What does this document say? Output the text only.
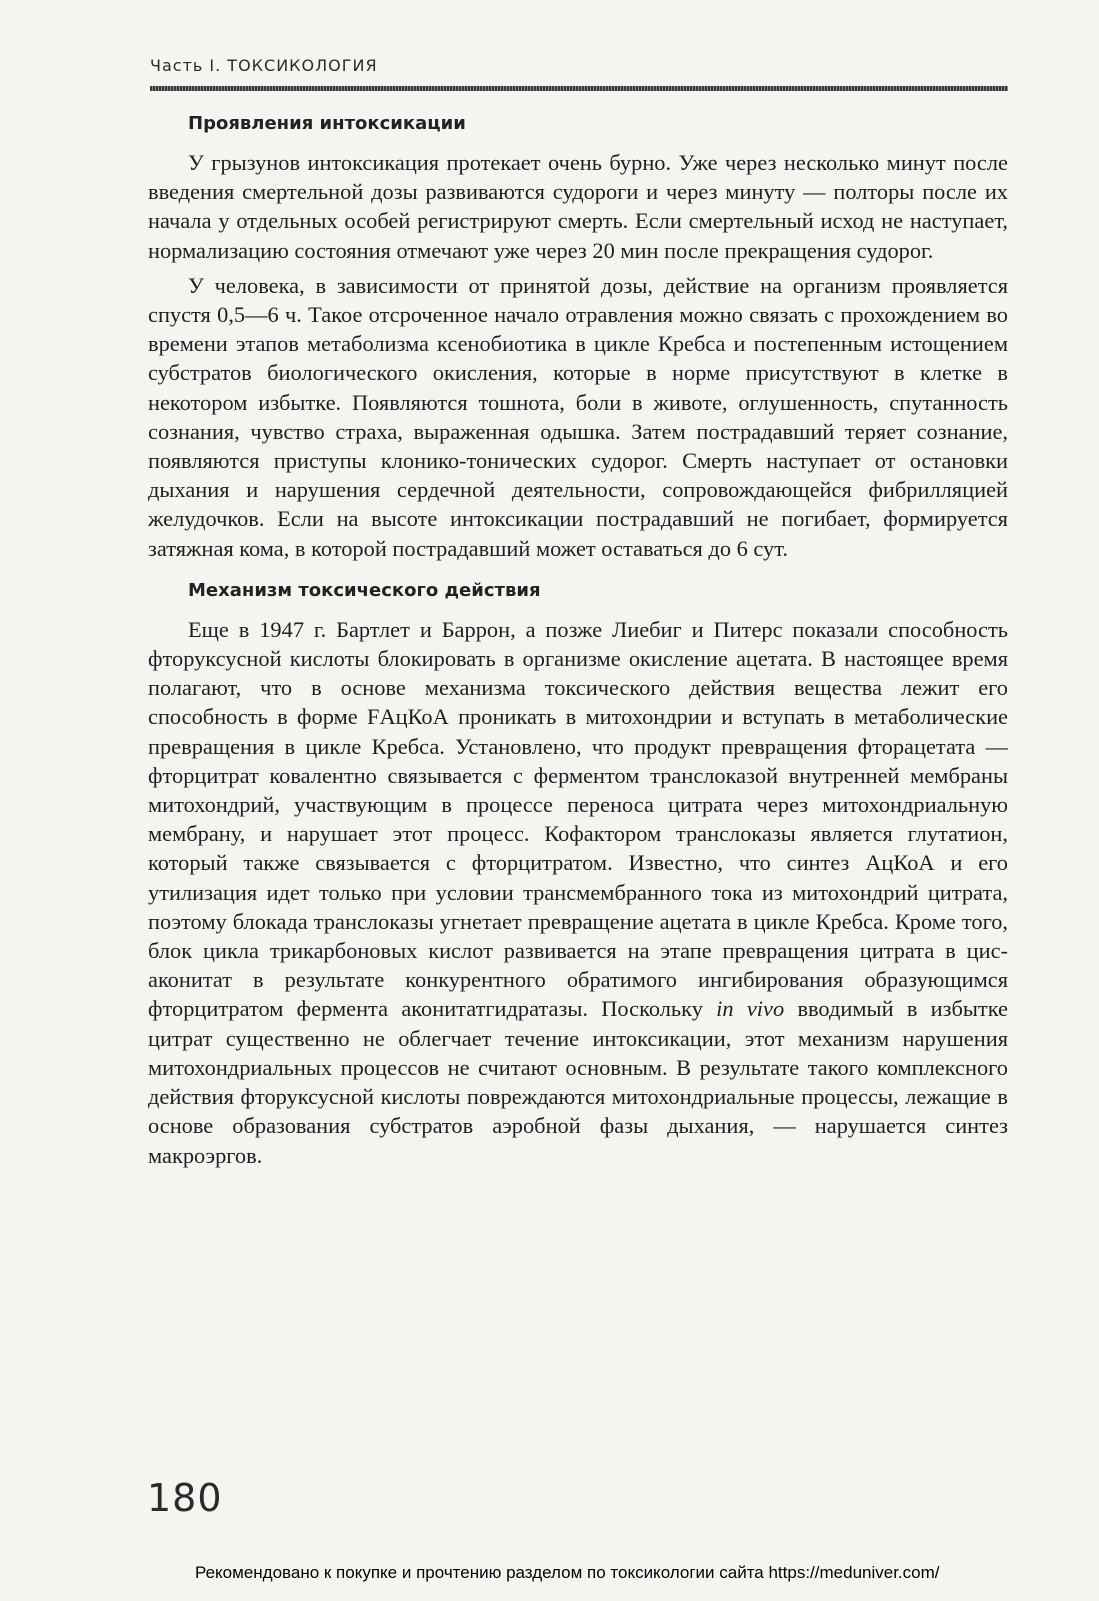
Часть I. ТОКСИКОЛОГИЯ
Проявления интоксикации

У грызунов интоксикация протекает очень бурно. Уже через несколько минут после введения смертельной дозы развиваются судороги и через минуту — полторы после их начала у отдельных особей регистрируют смерть. Если смертельный исход не наступает, нормализацию состояния отмечают уже через 20 мин после прекращения судорог.

У человека, в зависимости от принятой дозы, действие на организм проявляется спустя 0,5—6 ч. Такое отсроченное начало отравления можно связать с прохождением во времени этапов метаболизма ксенобиотика в цикле Кребса и постепенным истощением субстратов биологического окисления, которые в норме присутствуют в клетке в некотором избытке. Появляются тошнота, боли в животе, оглушенность, спутанность сознания, чувство страха, выраженная одышка. Затем пострадавший теряет сознание, появляются приступы клонико-тонических судорог. Смерть наступает от остановки дыхания и нарушения сердечной деятельности, сопровождающейся фибрилляцией желудочков. Если на высоте интоксикации пострадавший не погибает, формируется затяжная кома, в которой пострадавший может оставаться до 6 сут.

Механизм токсического действия

Еще в 1947 г. Бартлет и Баррон, а позже Лиебиг и Питерс показали способность фторуксусной кислоты блокировать в организме окисление ацетата. В настоящее время полагают, что в основе механизма токсического действия вещества лежит его способность в форме FАцКоА проникать в митохондрии и вступать в метаболические превращения в цикле Кребса. Установлено, что продукт превращения фторацетата — фторцитрат ковалентно связывается с ферментом транслоказой внутренней мембраны митохондрий, участвующим в процессе переноса цитрата через митохондриальную мембрану, и нарушает этот процесс. Кофактором транслоказы является глутатион, который также связывается с фторцитратом. Известно, что синтез АцКоА и его утилизация идет только при условии трансмембранного тока из митохондрий цитрата, поэтому блокада транслоказы угнетает превращение ацетата в цикле Кребса. Кроме того, блок цикла трикарбоновых кислот развивается на этапе превращения цитрата в цис-аконитат в результате конкурентного обратимого ингибирования образующимся фторцитратом фермента аконитатгидратазы. Поскольку in vivo вводимый в избытке цитрат существенно не облегчает течение интоксикации, этот механизм нарушения митохондриальных процессов не считают основным. В результате такого комплексного действия фторуксусной кислоты повреждаются митохондриальные процессы, лежащие в основе образования субстратов аэробной фазы дыхания, — нарушается синтез макроэргов.

180
Рекомендовано к покупке и прочтению разделом по токсикологии сайта https://meduniver.com/
